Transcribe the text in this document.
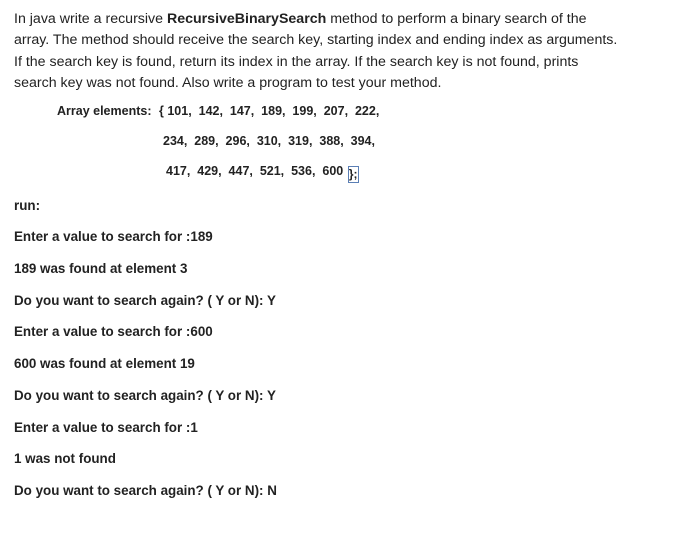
In java write a recursive RecursiveBinarySearch method to perform a binary search of the
array. The method should receive the search key, starting index and ending index as arguments.
If the search key is found, return its index in the array. If the search key is not found, prints
search key was not found. Also write a program to test your method.
Array elements: { 101,  142,  147,  189,  199,  207,  222,
234,  289,  296,  310,  319,  388,  394,
417,  429,  447,  521,  536,  600 };
run:
Enter a value to search for :189
189 was found at element 3
Do you want to search again? ( Y or N): Y
Enter a value to search for :600
600 was found at element 19
Do you want to search again? ( Y or N): Y
Enter a value to search for :1
1 was not found
Do you want to search again? ( Y or N): N
